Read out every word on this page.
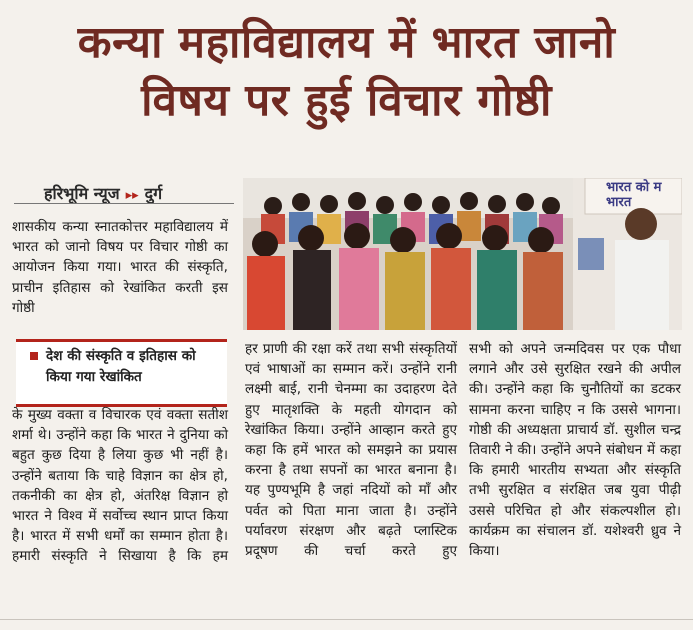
कन्या महाविद्यालय में भारत जानो
विषय पर हुई विचार गोष्ठी
हरिभूमि न्यूज ▸▸ दुर्ग

शासकीय कन्या स्नातकोत्तर महाविद्यालय में भारत को जानो विषय पर विचार गोष्ठी का आयोजन किया गया। भारत की संस्कृति, प्राचीन इतिहास को रेखांकित करती इस गोष्ठी

देश की संस्कृति व इतिहास को किया गया रेखांकित

के मुख्य वक्ता व विचारक एवं वक्ता सतीश शर्मा थे। उन्होंने कहा कि भारत ने दुनिया को बहुत कुछ दिया है लिया कुछ भी नहीं है। उन्होंने बताया कि चाहे विज्ञान का क्षेत्र हो, तकनीकी का क्षेत्र हो, अंतरिक्ष विज्ञान हो भारत ने विश्व में सर्वोच्च स्थान प्राप्त किया है। भारत में सभी धर्मों का सम्मान होता है। हमारी संस्कृति ने सिखाया है कि हम

भारत को म
भारत

हर प्राणी की रक्षा करें तथा सभी संस्कृतियों एवं भाषाओं का सम्मान करें। उन्होंने रानी लक्ष्मी बाई, रानी चेनम्मा का उदाहरण देते हुए मातृशक्ति के महती योगदान को रेखांकित किया। उन्होंने आव्हान करते हुए कहा कि हमें भारत को समझने का प्रयास करना है तथा सपनों का भारत बनाना है। यह पुण्यभूमि है जहां नदियों को माँ और पर्वत को पिता माना जाता है। उन्होंने पर्यावरण संरक्षण और बढ़ते प्लास्टिक प्रदूषण की चर्चा करते हुए

सभी को अपने जन्मदिवस पर एक पौधा लगाने और उसे सुरक्षित रखने की अपील की। उन्होंने कहा कि चुनौतियों का डटकर सामना करना चाहिए न कि उससे भागना। गोष्ठी की अध्यक्षता प्राचार्य डॉ. सुशील चन्द्र तिवारी ने की। उन्होंने अपने संबोधन में कहा कि हमारी भारतीय सभ्यता और संस्कृति तभी सुरक्षित व संरक्षित जब युवा पीढ़ी उससे परिचित हो और संकल्पशील हो। कार्यक्रम का संचालन डॉ. यशेश्वरी ध्रुव ने किया।
